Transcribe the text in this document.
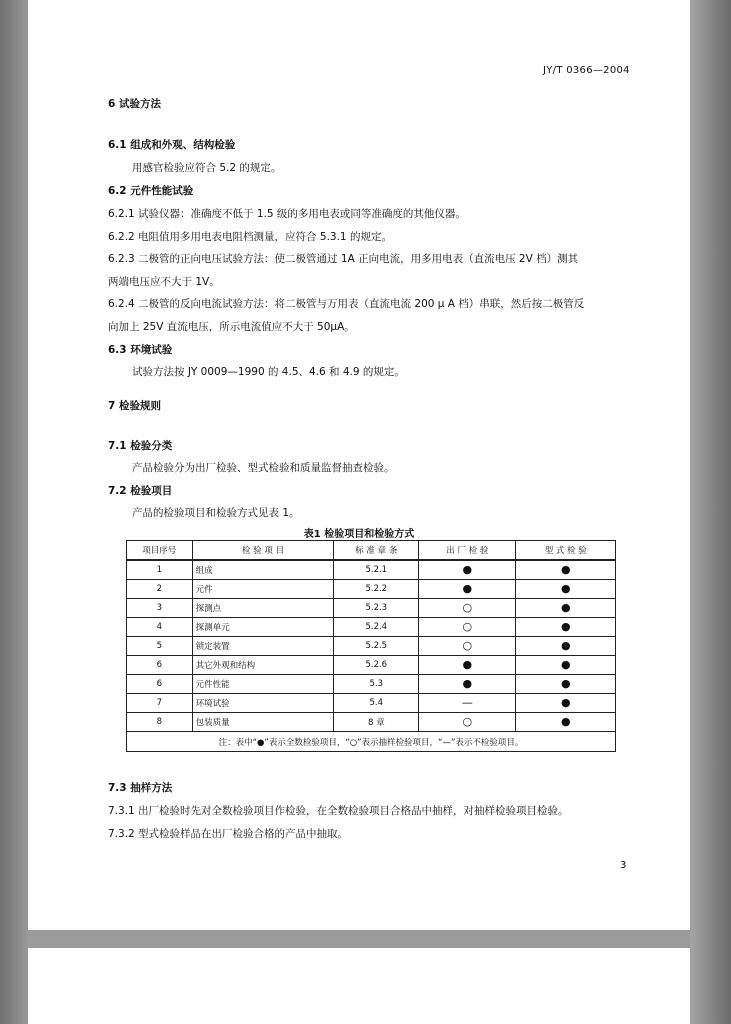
JY/T 0366—2004
6 试验方法
6.1 组成和外观、结构检验
用感官检验应符合 5.2 的规定。
6.2 元件性能试验
6.2.1 试验仪器：准确度不低于 1.5 级的多用电表或同等准确度的其他仪器。
6.2.2 电阻值用多用电表电阻档测量，应符合 5.3.1 的规定。
6.2.3 二极管的正向电压试验方法：使二极管通过 1A 正向电流，用多用电表（直流电压 2V 档）测其
两端电压应不大于 1V。
6.2.4 二极管的反向电流试验方法：将二极管与万用表（直流电流 200 μ A 档）串联，然后按二极管反
向加上 25V 直流电压，所示电流值应不大于 50μA。
6.3 环境试验
试验方法按 JY 0009—1990 的 4.5、4.6 和 4.9 的规定。
7 检验规则
7.1 检验分类
产品检验分为出厂检验、型式检验和质量监督抽查检验。
7.2 检验项目
产品的检验项目和检验方式见表 1。
表1 检验项目和检验方式
项目序号	检 验 项 目	标 准 章 条	出 厂 检 验	型 式 检 验
1	组成	5.2.1	●	●
2	元件	5.2.2	●	●
3	探测点	5.2.3	○	●
4	探测单元	5.2.4	○	●
5	锁定装置	5.2.5	○	●
6	其它外观和结构	5.2.6	●	●
6	元件性能	5.3	●	●
7	环境试验	5.4	—	●
8	包装质量	8 章	○	●
注：表中“●”表示全数检验项目，“○”表示抽样检验项目，“—”表示不检验项目。				
7.3 抽样方法
7.3.1 出厂检验时先对全数检验项目作检验，在全数检验项目合格品中抽样，对抽样检验项目检验。
7.3.2 型式检验样品在出厂检验合格的产品中抽取。
3
